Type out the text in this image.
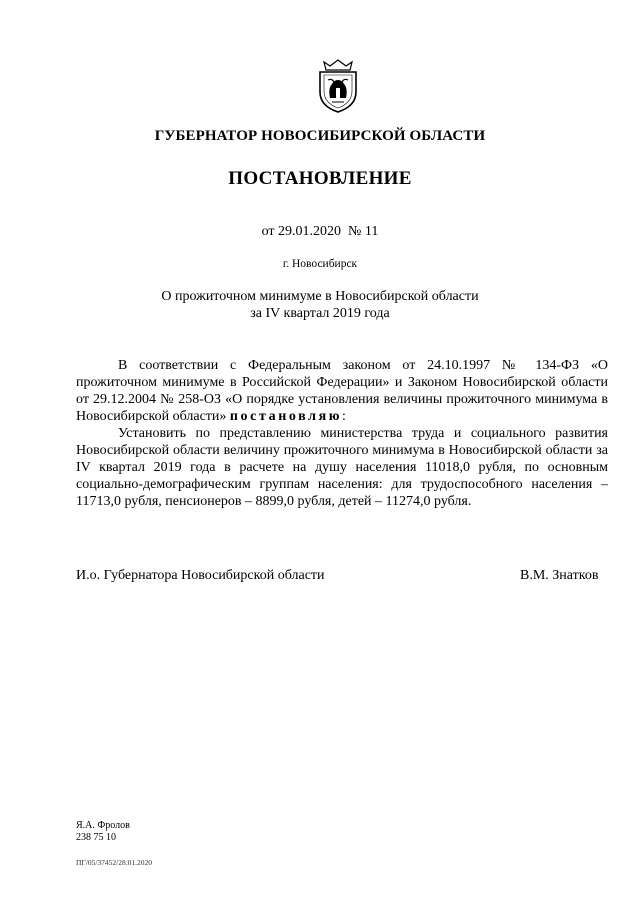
ГУБЕРНАТОР НОВОСИБИРСКОЙ ОБЛАСТИ
ПОСТАНОВЛЕНИЕ
от 29.01.2020  № 11
г. Новосибирск
О прожиточном минимуме в Новосибирской области
за IV квартал 2019 года

В соответствии с Федеральным законом от 24.10.1997 № 134-ФЗ «О прожиточном минимуме в Российской Федерации» и Законом Новосибирской области от 29.12.2004 № 258-ОЗ «О порядке установления величины прожиточного минимума в Новосибирской области» постановляю:

Установить по представлению министерства труда и социального развития Новосибирской области величину прожиточного минимума в Новосибирской области за IV квартал 2019 года в расчете на душу населения 11018,0 рубля, по основным социально-демографическим группам населения: для трудоспособного населения – 11713,0 рубля, пенсионеров – 8899,0 рубля, детей – 11274,0 рубля.

И.о. Губернатора Новосибирской области	В.М. Знатков
Я.А. Фролов
238 75 10
ПГ/05/37452/28.01.2020
